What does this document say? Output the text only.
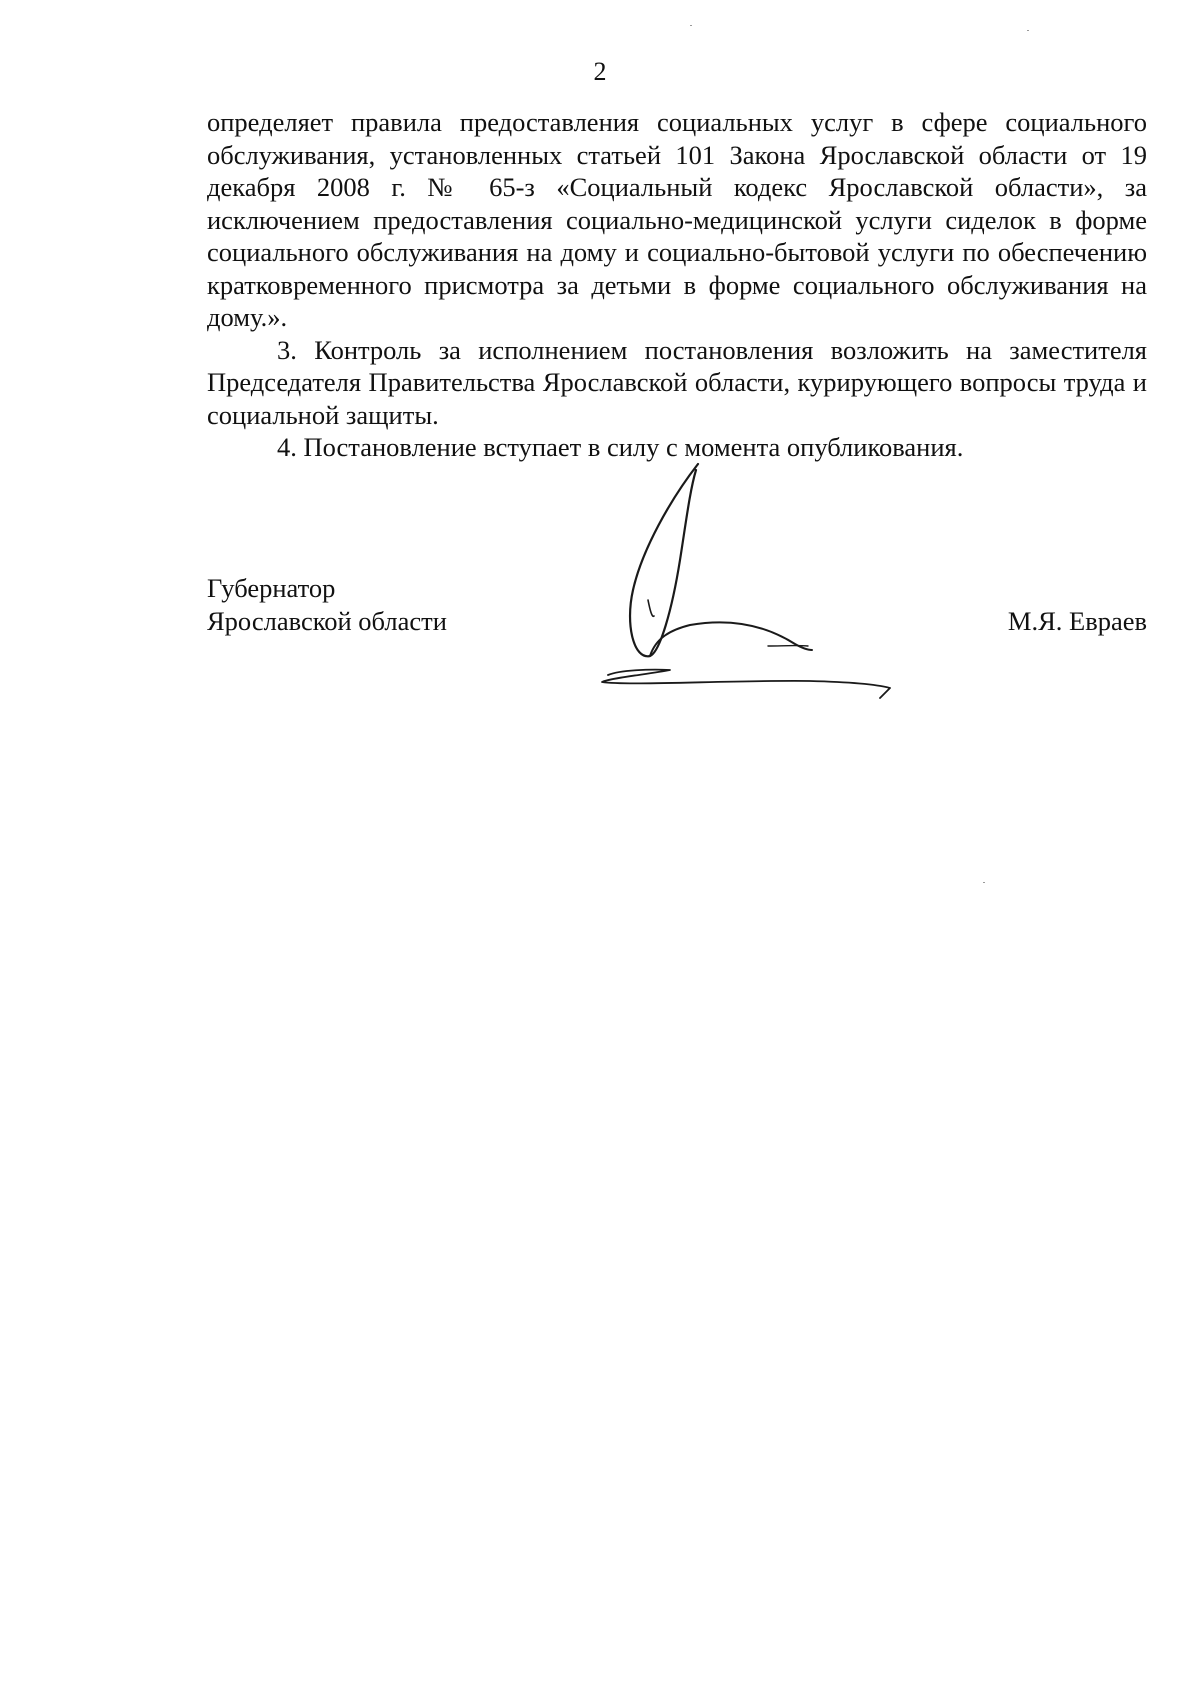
2

определяет правила предоставления социальных услуг в сфере социального обслуживания, установленных статьей 101 Закона Ярославской области от 19 декабря 2008 г. № 65-з «Социальный кодекс Ярославской области», за исключением предоставления социально-медицинской услуги сиделок в форме социального обслуживания на дому и социально-бытовой услуги по обеспечению кратковременного присмотра за детьми в форме социального обслуживания на дому.».

3. Контроль за исполнением постановления возложить на заместителя Председателя Правительства Ярославской области, курирующего вопросы труда и социальной защиты.

4. Постановление вступает в силу с момента опубликования.

Губернатор
Ярославской области	М.Я. Евраев
